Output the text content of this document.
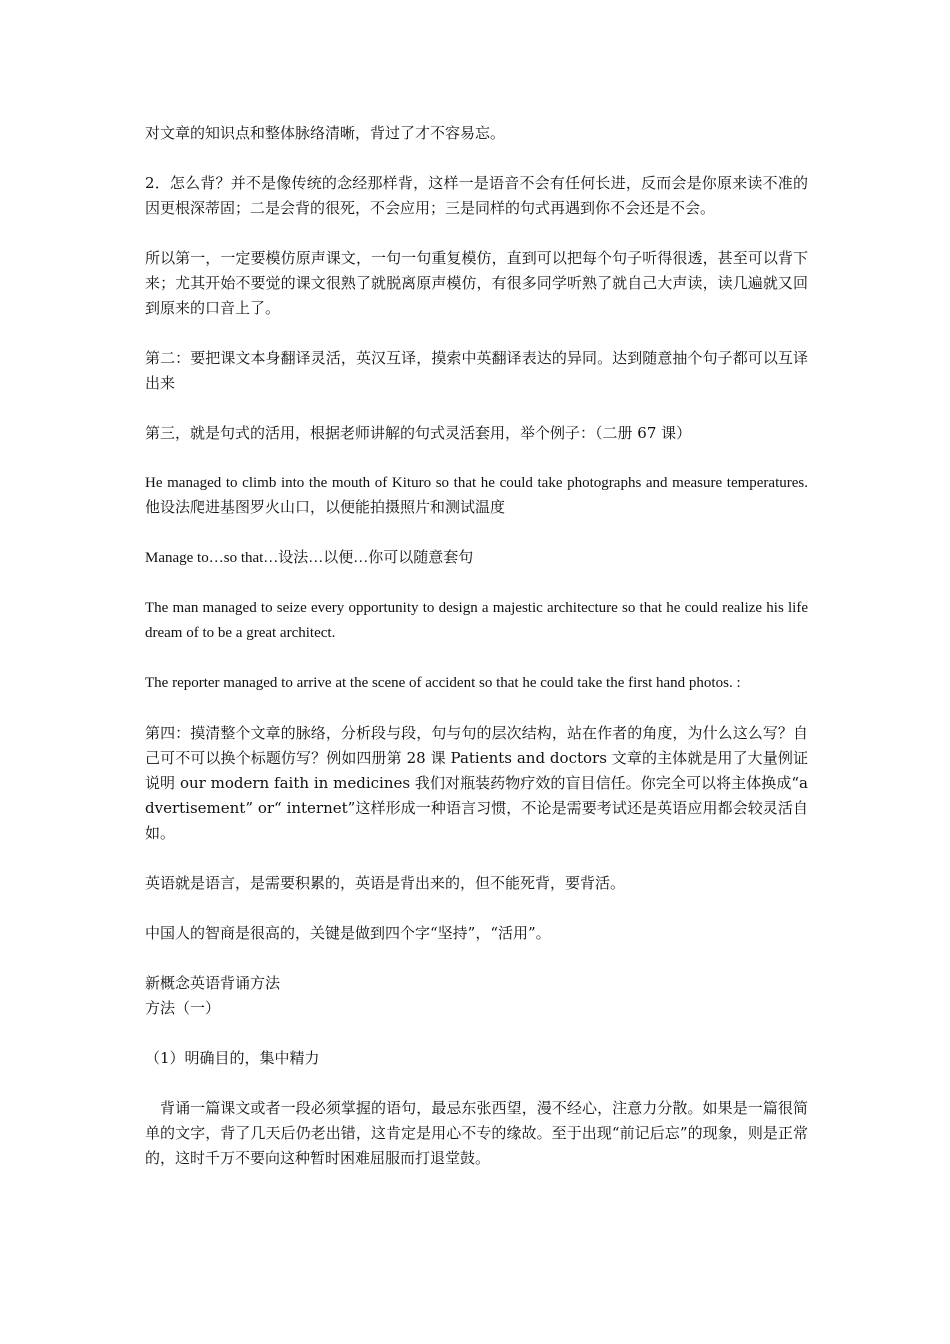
对文章的知识点和整体脉络清晰，背过了才不容易忘。

2．怎么背？并不是像传统的念经那样背，这样一是语音不会有任何长进，反而会是你原来读不准的因更根深蒂固；二是会背的很死，不会应用；三是同样的句式再遇到你不会还是不会。

所以第一，一定要模仿原声课文，一句一句重复模仿，直到可以把每个句子听得很透，甚至可以背下来；尤其开始不要觉的课文很熟了就脱离原声模仿，有很多同学听熟了就自己大声读，读几遍就又回到原来的口音上了。

第二：要把课文本身翻译灵活，英汉互译，摸索中英翻译表达的异同。达到随意抽个句子都可以互译出来

第三，就是句式的活用，根据老师讲解的句式灵活套用，举个例子：（二册 67 课）

He managed to climb into the mouth of Kituro so that he could take photographs and measure temperatures.他设法爬进基图罗火山口，以便能拍摄照片和测试温度

Manage to…so that…设法…以便…你可以随意套句

The man managed to seize every opportunity to design a majestic architecture so that he could realize his life dream of to be a great architect.

The reporter managed to arrive at the scene of accident so that he could take the first hand photos. :

第四：摸清整个文章的脉络，分析段与段，句与句的层次结构，站在作者的角度，为什么这么写？自己可不可以换个标题仿写？例如四册第 28 课 Patients and doctors 文章的主体就是用了大量例证说明 our modern faith in medicines 我们对瓶装药物疗效的盲目信任。你完全可以将主体换成“advertisement” or“ internet”这样形成一种语言习惯，不论是需要考试还是英语应用都会较灵活自如。

英语就是语言，是需要积累的，英语是背出来的，但不能死背，要背活。

中国人的智商是很高的，关键是做到四个字“坚持”，“活用”。

新概念英语背诵方法

方法（一）

（1）明确目的，集中精力

背诵一篇课文或者一段必须掌握的语句，最忌东张西望，漫不经心，注意力分散。如果是一篇很简单的文字，背了几天后仍老出错，这肯定是用心不专的缘故。至于出现“前记后忘”的现象，则是正常的，这时千万不要向这种暂时困难屈服而打退堂鼓。
